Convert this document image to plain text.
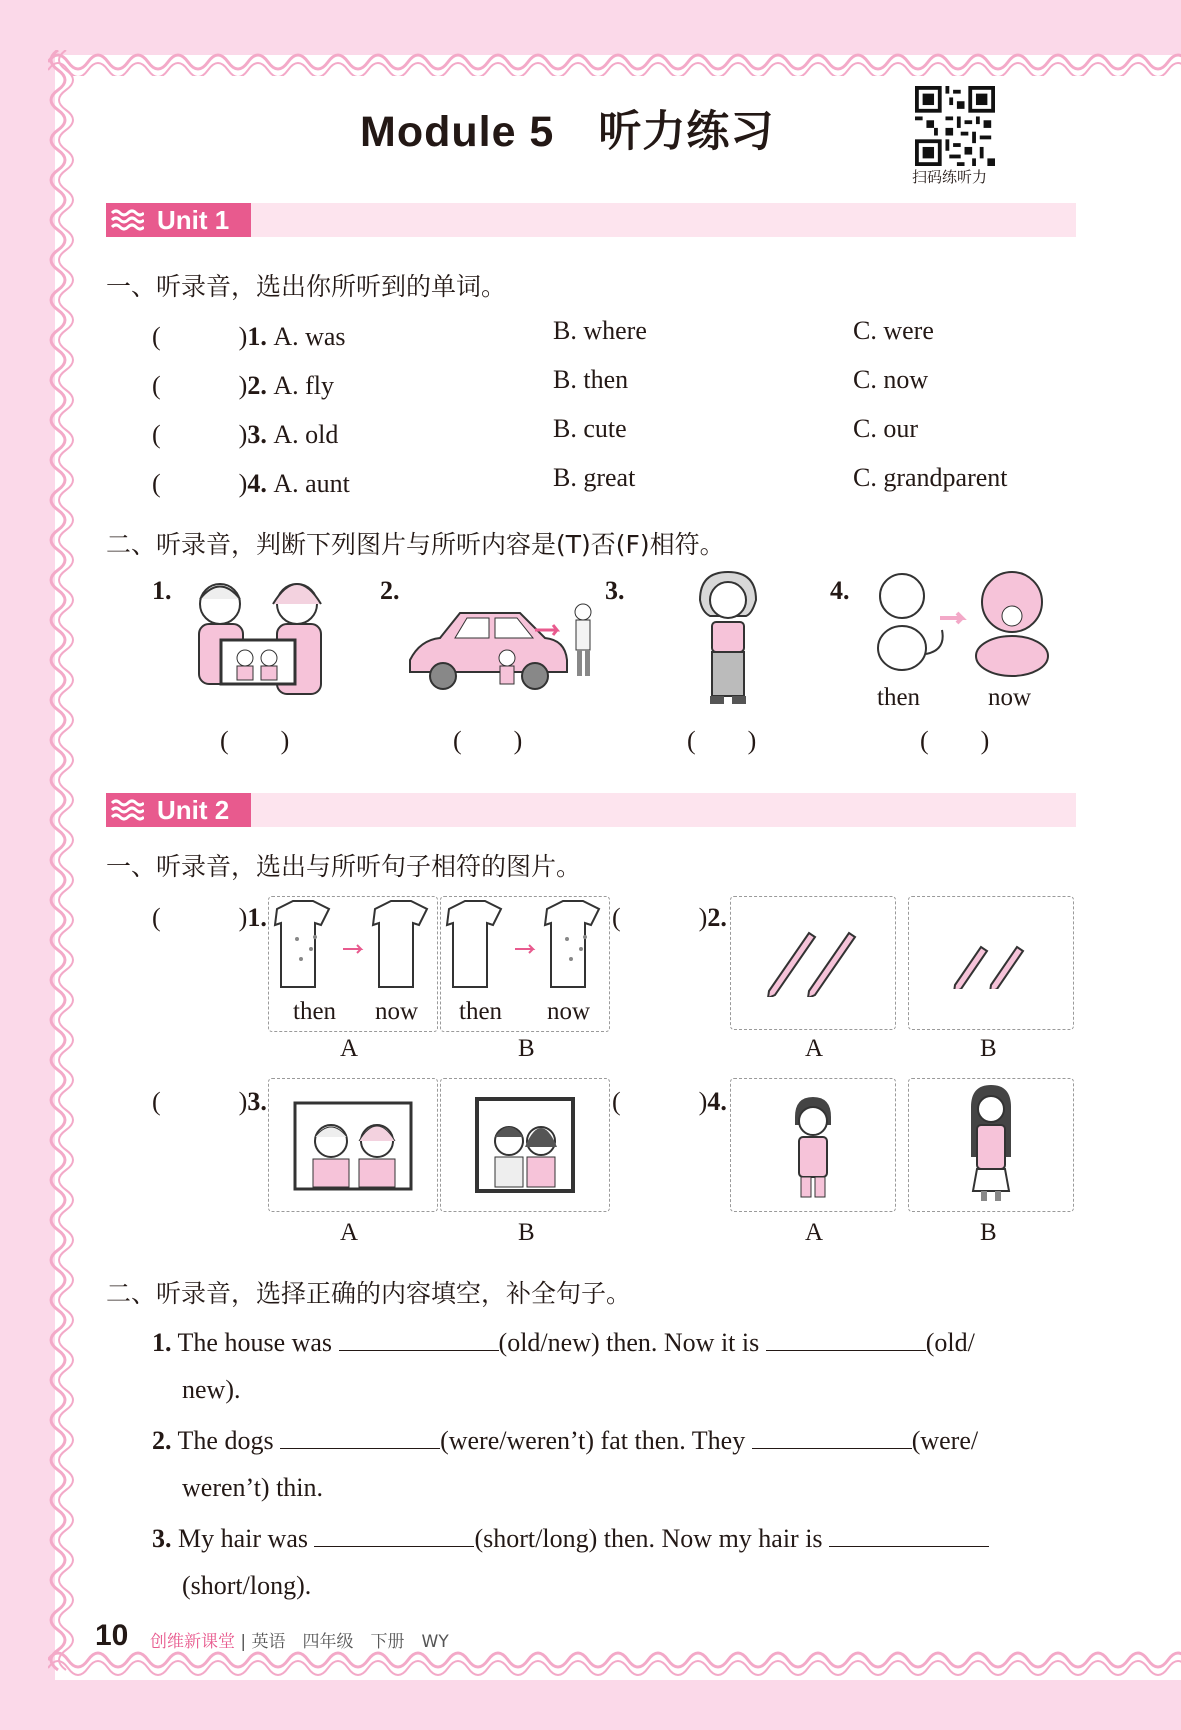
Module 5　听力练习
扫码练听力
Unit 1
一、听录音，选出你所听到的单词。
(　　　)1. A. was	B. where	C. were
(　　　)2. A. fly	B. then	C. now
(　　　)3. A. old	B. cute	C. our
(　　　)4. A. aunt	B. great	C. grandparent
二、听录音，判断下列图片与所听内容是(T)否(F)相符。
1.
(　　)
2.
(　　)
3.
(　　)
4.
then	now
(　　)
Unit 2
一、听录音，选出与所听句子相符的图片。
(　　　)1.
then now then now
A	B
(　　　)2.
A	B
(　　　)3.
A	B
(　　　)4.
A	B
二、听录音，选择正确的内容填空，补全句子。
1. The house was	(old/new) then. Now it is	(old/
new).
2. The dogs	(were/weren’t) fat then. They	(were/
weren’t) thin.
3. My hair was	(short/long) then. Now my hair is
(short/long).
10 创维新课堂 | 英语　四年级　下册　WY
